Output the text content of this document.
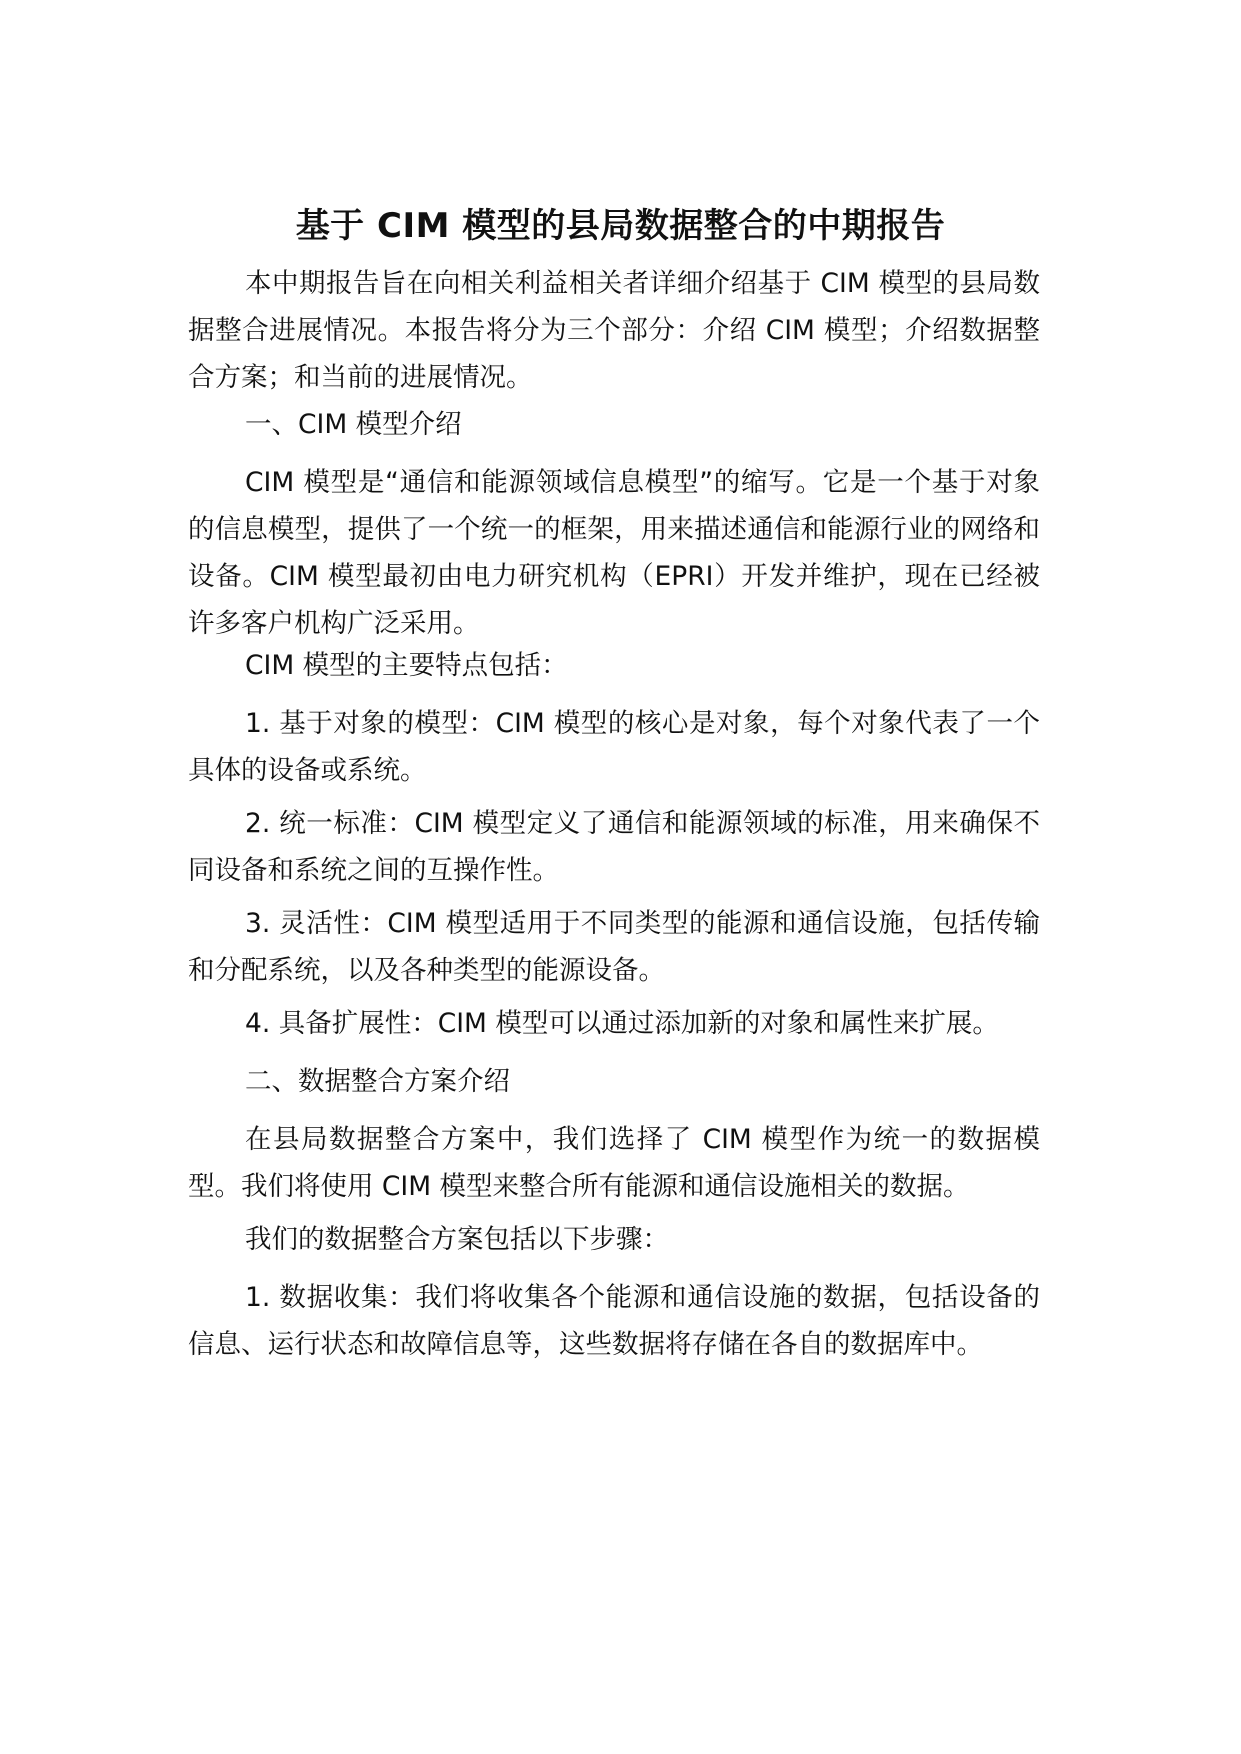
基于 CIM 模型的县局数据整合的中期报告

本中期报告旨在向相关利益相关者详细介绍基于 CIM 模型的县局数据整合进展情况。本报告将分为三个部分：介绍 CIM 模型；介绍数据整合方案；和当前的进展情况。

一、CIM 模型介绍

CIM 模型是“通信和能源领域信息模型”的缩写。它是一个基于对象的信息模型，提供了一个统一的框架，用来描述通信和能源行业的网络和设备。CIM 模型最初由电力研究机构（EPRI）开发并维护，现在已经被许多客户机构广泛采用。

CIM 模型的主要特点包括：

1. 基于对象的模型：CIM 模型的核心是对象，每个对象代表了一个具体的设备或系统。

2. 统一标准：CIM 模型定义了通信和能源领域的标准，用来确保不同设备和系统之间的互操作性。

3. 灵活性：CIM 模型适用于不同类型的能源和通信设施，包括传输和分配系统，以及各种类型的能源设备。

4. 具备扩展性：CIM 模型可以通过添加新的对象和属性来扩展。

二、数据整合方案介绍

在县局数据整合方案中，我们选择了 CIM 模型作为统一的数据模型。我们将使用 CIM 模型来整合所有能源和通信设施相关的数据。

我们的数据整合方案包括以下步骤：

1. 数据收集：我们将收集各个能源和通信设施的数据，包括设备的信息、运行状态和故障信息等，这些数据将存储在各自的数据库中。
